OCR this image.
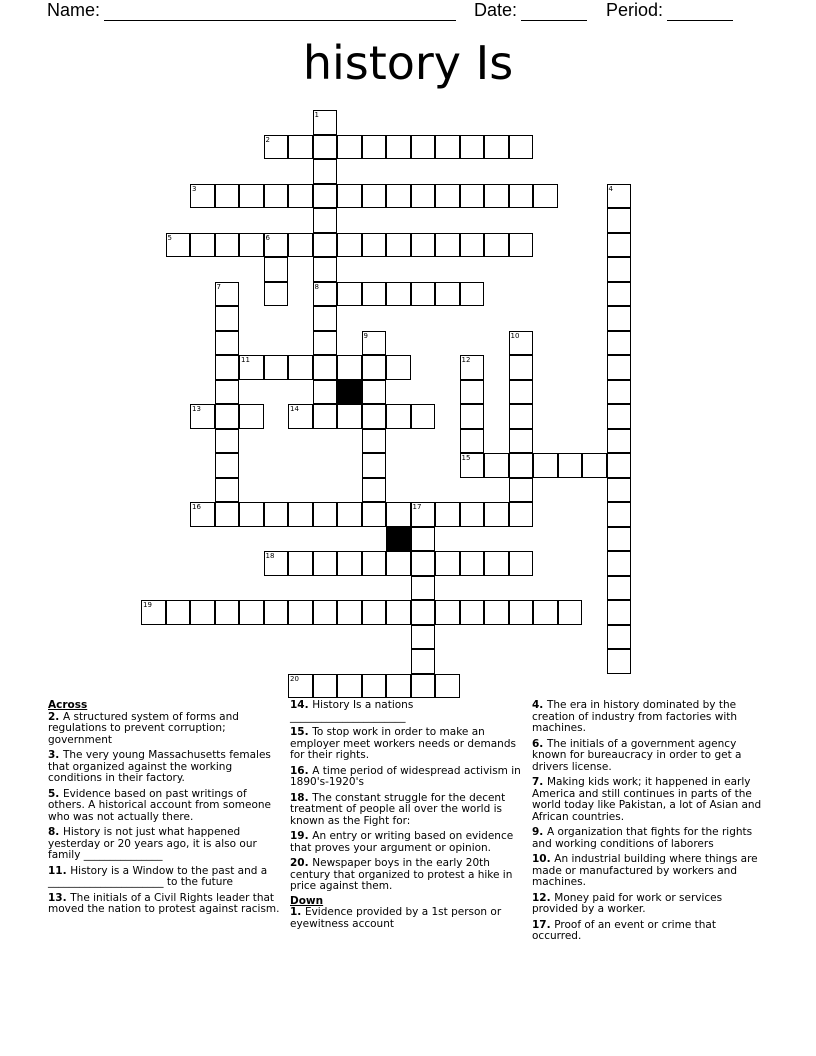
Name:	Date:	Period:
history Is
2
3
5	6
8
11
13	14
15
16	17
18
19
20
1
4
7
9	10
12

Across

2. A structured system of forms and regulations to prevent corruption; government

3. The very young Massachusetts females that organized against the working conditions in their factory.

5. Evidence based on past writings of others. A historical account from someone who was not actually there.

8. History is not just what happened yesterday or 20 years ago, it is also our family _______________

11. History is a Window to the past and a ______________________ to the future

13. The initials of a Civil Rights leader that moved the nation to protest against racism.

14. History Is a nations ______________________

15. To stop work in order to make an employer meet workers needs or demands for their rights.

16. A time period of widespread activism in 1890's-1920's

18. The constant struggle for the decent treatment of people all over the world is known as the Fight for:

19. An entry or writing based on evidence that proves your argument or opinion.

20. Newspaper boys in the early 20th century that organized to protest a hike in price against them.

Down

1. Evidence provided by a 1st person or eyewitness account

4. The era in history dominated by the creation of industry from factories with machines.

6. The initials of a government agency known for bureaucracy in order to get a drivers license.

7. Making kids work; it happened in early America and still continues in parts of the world today like Pakistan, a lot of Asian and African countries.

9. A organization that fights for the rights and working conditions of laborers

10. An industrial building where things are made or manufactured by workers and machines.

12. Money paid for work or services provided by a worker.

17. Proof of an event or crime that occurred.
